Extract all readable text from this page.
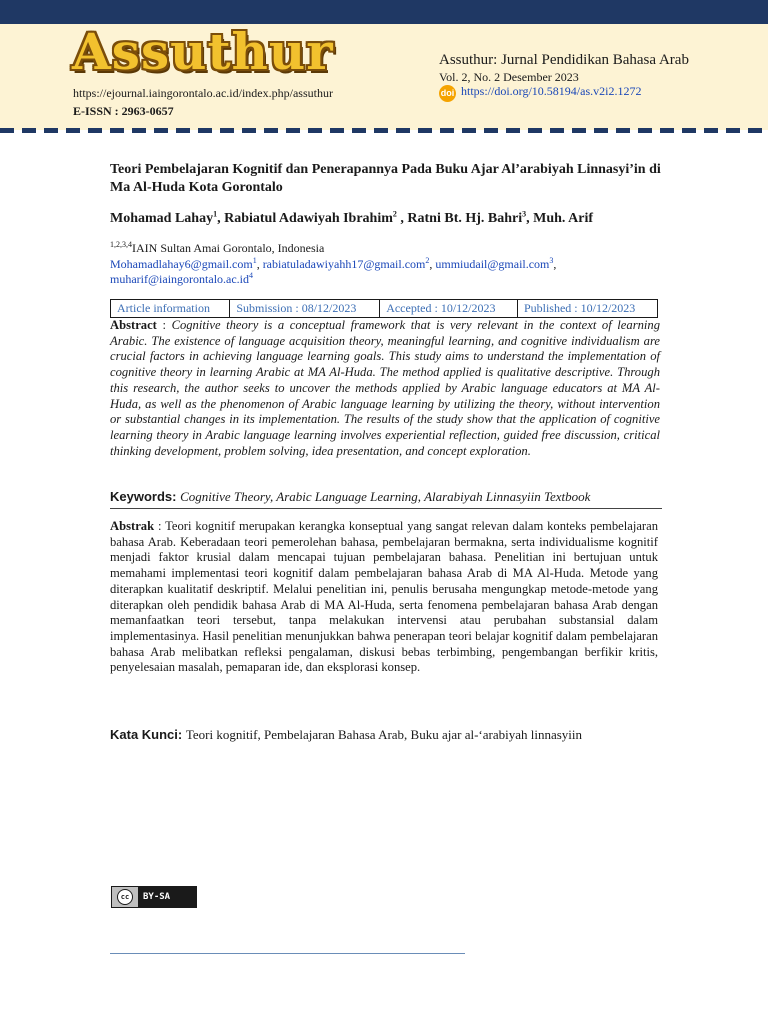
Assuthur
https://ejournal.iaingorontalo.ac.id/index.php/assuthur
E-ISSN : 2963-0657
Assuthur: Jurnal Pendidikan Bahasa Arab
Vol. 2, No. 2 Desember 2023
doi https://doi.org/10.58194/as.v2i2.1272
Teori Pembelajaran Kognitif dan Penerapannya Pada Buku Ajar Al’arabiyah Linnasyi’in di Ma Al-Huda Kota Gorontalo
Mohamad Lahay$^1$, Rabiatul Adawiyah Ibrahim$^2$ , Ratni Bt. Hj. Bahri$^3$, Muh. Arif
$^{1,2,3,4}$IAIN Sultan Amai Gorontalo, Indonesia
Mohamadlahay6@gmail.com$^1$, rabiatuladawiyahh17@gmail.com$^2$, ummiudail@gmail.com$^3$,
$muharif@iaingorontalo.ac.id^4$
Article information	Submission : 08/12/2023	Accepted : 10/12/2023	Published : 10/12/2023
Abstract : Cognitive theory is a conceptual framework that is very relevant in the context of learning Arabic. The existence of language acquisition theory, meaningful learning, and cognitive individualism are crucial factors in achieving language learning goals. This study aims to understand the implementation of cognitive theory in learning Arabic at MA Al-Huda. The method applied is qualitative descriptive. Through this research, the author seeks to uncover the methods applied by Arabic language educators at MA Al-Huda, as well as the phenomenon of Arabic language learning by utilizing the theory, without intervention or substantial changes in its implementation. The results of the study show that the application of cognitive learning theory in Arabic language learning involves experiential reflection, guided free discussion, critical thinking development, problem solving, idea presentation, and concept exploration.
Keywords: Cognitive Theory, Arabic Language Learning, Alarabiyah Linnasyiin Textbook
Abstrak : Teori kognitif merupakan kerangka konseptual yang sangat relevan dalam konteks pembelajaran bahasa Arab. Keberadaan teori pemerolehan bahasa, pembelajaran bermakna, serta individualisme kognitif menjadi faktor krusial dalam mencapai tujuan pembelajaran bahasa. Penelitian ini bertujuan untuk memahami implementasi teori kognitif dalam pembelajaran bahasa Arab di MA Al-Huda. Metode yang diterapkan kualitatif deskriptif. Melalui penelitian ini, penulis berusaha mengungkap metode-metode yang diterapkan oleh pendidik bahasa Arab di MA Al-Huda, serta fenomena pembelajaran bahasa Arab dengan memanfaatkan teori tersebut, tanpa melakukan intervensi atau perubahan substansial dalam implementasinya. Hasil penelitian menunjukkan bahwa penerapan teori belajar kognitif dalam pembelajaran bahasa Arab melibatkan refleksi pengalaman, diskusi bebas terbimbing, pengembangan berfikir kritis, penyelesaian masalah, pemaparan ide, dan eksplorasi konsep.
Kata Kunci: Teori kognitif, Pembelajaran Bahasa Arab, Buku ajar al-‘arabiyah linnasyiin
cc	BY-SA
